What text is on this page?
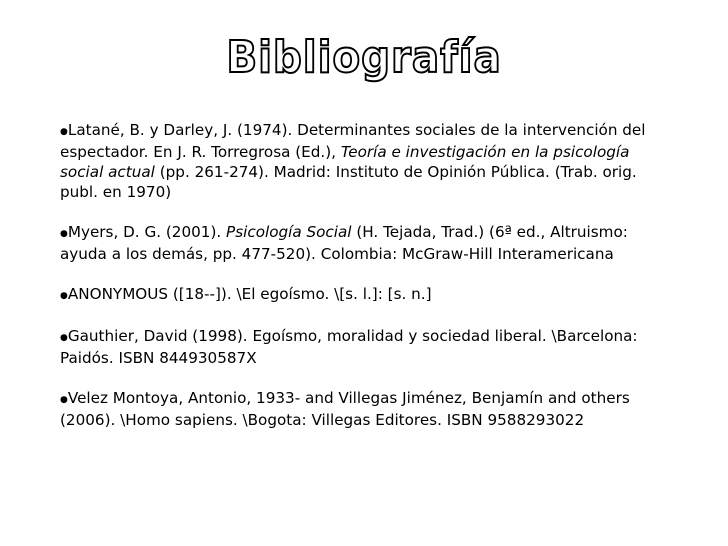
Bibliografía
●Latané, B. y Darley, J. (1974). Determinantes sociales de la intervención del espectador. En J. R. Torregrosa (Ed.), Teoría e investigación en la psicología social actual (pp. 261-274). Madrid: Instituto de Opinión Pública. (Trab. orig. publ. en 1970)
●Myers, D. G. (2001). Psicología Social (H. Tejada, Trad.) (6ª ed., Altruismo: ayuda a los demás, pp. 477-520). Colombia: McGraw-Hill Interamericana
●ANONYMOUS ([18--]). \El egoísmo. \[s. l.]: [s. n.]
●Gauthier, David (1998). Egoísmo, moralidad y sociedad liberal. \Barcelona: Paidós. ISBN 844930587X
●Velez Montoya, Antonio, 1933- and Villegas Jiménez, Benjamín and others (2006). \Homo sapiens. \Bogota: Villegas Editores. ISBN 9588293022
